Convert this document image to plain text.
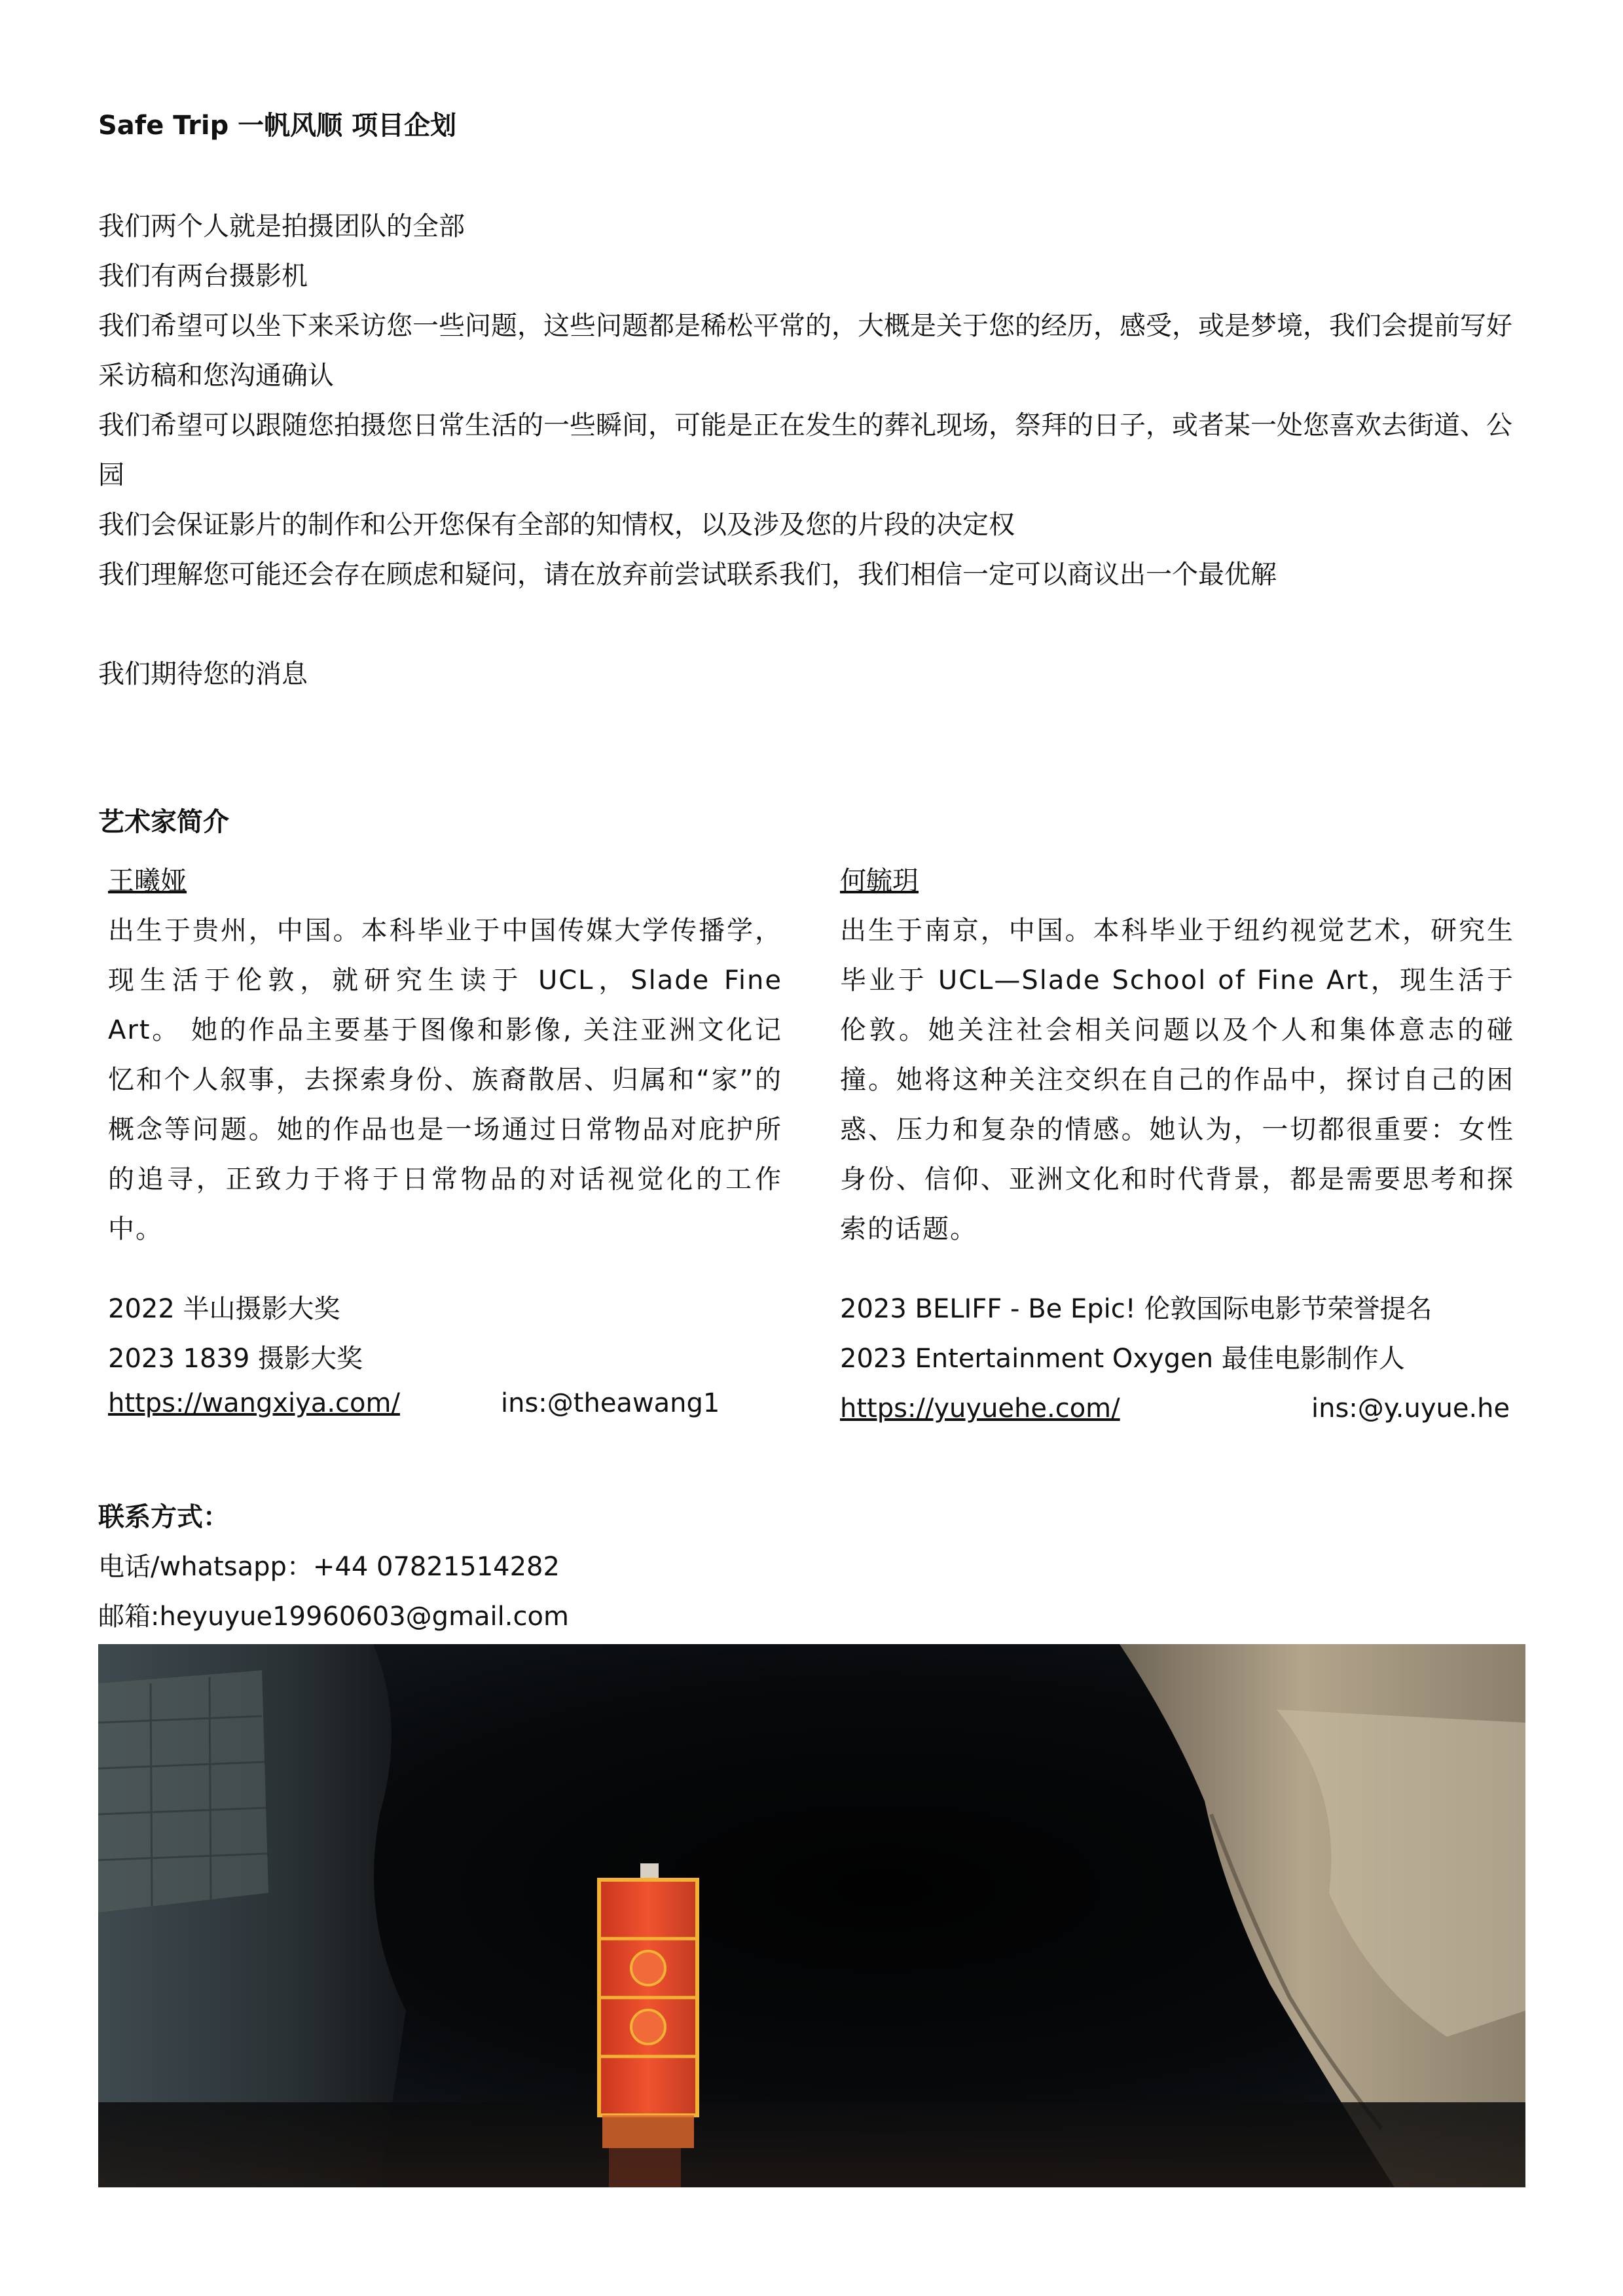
Safe Trip 一帆风顺 项目企划

我们两个人就是拍摄团队的全部

我们有两台摄影机

我们希望可以坐下来采访您一些问题，这些问题都是稀松平常的，大概是关于您的经历，感受，或是梦境，我们会提前写好采访稿和您沟通确认

我们希望可以跟随您拍摄您日常生活的一些瞬间，可能是正在发生的葬礼现场，祭拜的日子，或者某一处您喜欢去街道、公园

我们会保证影片的制作和公开您保有全部的知情权，以及涉及您的片段的决定权

我们理解您可能还会存在顾虑和疑问，请在放弃前尝试联系我们，我们相信一定可以商议出一个最优解

我们期待您的消息

艺术家简介
王曦娅

出生于贵州，中国。本科毕业于中国传媒大学传播学，现生活于伦敦，就研究生读于 UCL，Slade Fine Art。 她的作品主要基于图像和影像, 关注亚洲文化记忆和个人叙事，去探索身份、族裔散居、归属和“家”的概念等问题。她的作品也是一场通过日常物品对庇护所的追寻，正致力于将于日常物品的对话视觉化的工作中。

2022 半山摄影大奖
2023 1839 摄影大奖
https://wangxiya.com/	ins:@theawang1
何毓玥

出生于南京，中国。本科毕业于纽约视觉艺术，研究生毕业于 UCL—Slade School of Fine Art，现生活于伦敦。她关注社会相关问题以及个人和集体意志的碰撞。她将这种关注交织在自己的作品中，探讨自己的困惑、压力和复杂的情感。她认为，一切都很重要：女性身份、信仰、亚洲文化和时代背景，都是需要思考和探索的话题。

2023 BELIFF - Be Epic! 伦敦国际电影节荣誉提名
2023 Entertainment Oxygen 最佳电影制作人
https://yuyuehe.com/	ins:@y.uyue.he
联系方式：
电话/whatsapp：+44 07821514282
邮箱:heyuyue19960603@gmail.com
